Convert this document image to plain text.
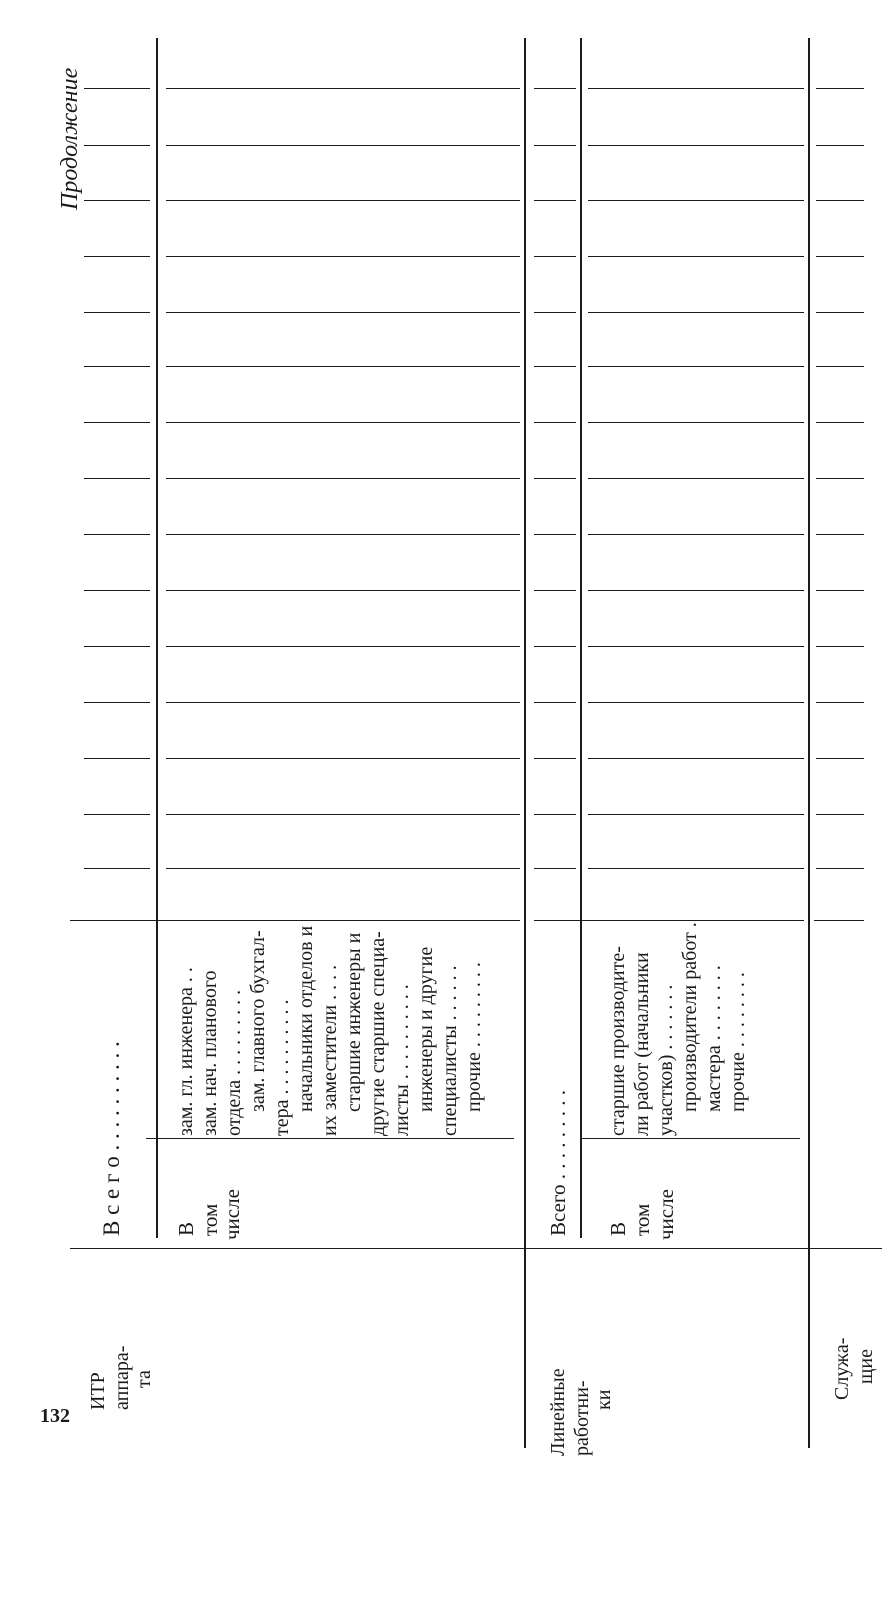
Продолжение
ИТР аппара- та
В с е г о . . . . . . . . . . В том
числе
зам. гл. инженера . . зам. нач. планового отдела . . . . . . . . . зам. главного бухгал- тера . . . . . . . . . . начальники отделов и их заместители . . . . старшие инженеры и другие старшие специа- листы . . . . . . . . . . инженеры и другие специалисты . . . . . . прочие . . . . . . . . .
Линейные работни- ки
Всего . . . . . . . . . В том числе
старшие производите- ли работ (начальники участков) . . . . . . . производители работ . мастера . . . . . . . . прочие . . . . . . . .
Служа- щие
132
